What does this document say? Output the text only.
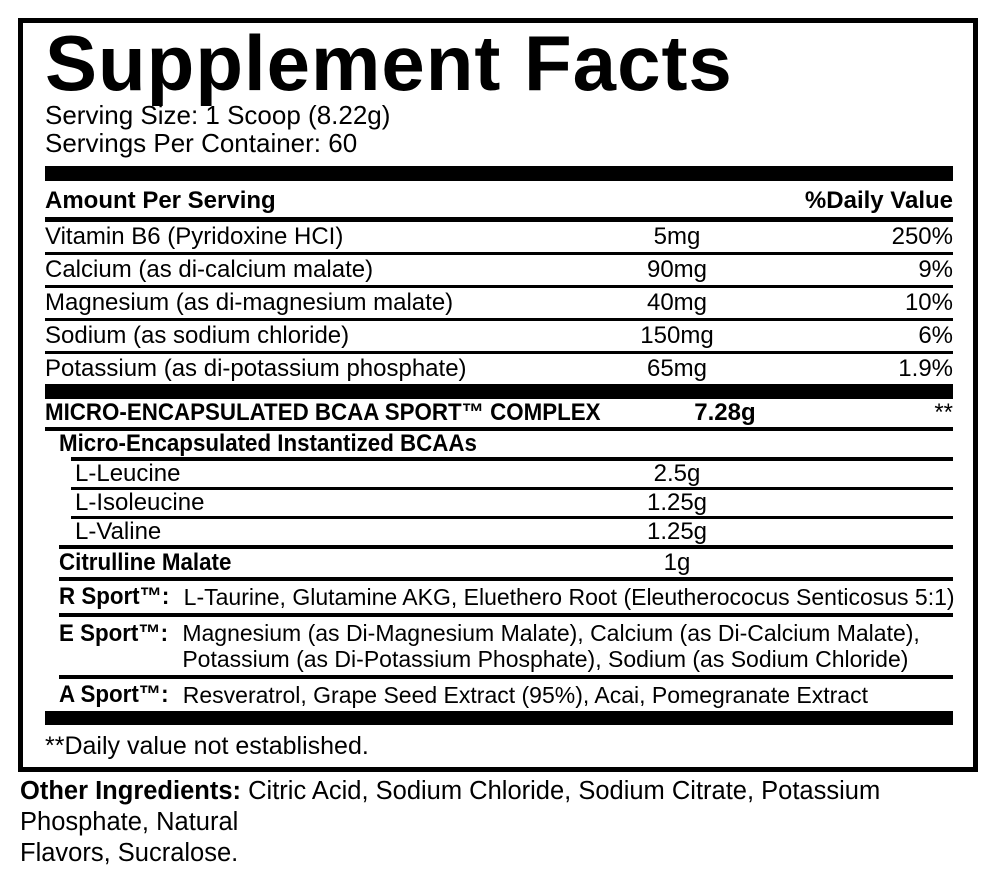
Supplement Facts
Serving Size: 1 Scoop (8.22g)
Servings Per Container: 60
Amount Per Serving	%Daily Value
Vitamin B6 (Pyridoxine HCI)	5mg	250%
Calcium (as di-calcium malate)	90mg	9%
Magnesium (as di-magnesium malate)	40mg	10%
Sodium (as sodium chloride)	150mg	6%
Potassium (as di-potassium phosphate)	65mg	1.9%
MICRO-ENCAPSULATED BCAA SPORT™ COMPLEX	7.28g	**
Micro-Encapsulated Instantized BCAAs
L-Leucine	2.5g
L-Isoleucine	1.25g
L-Valine	1.25g
Citrulline Malate	1g
R Sport™: L-Taurine, Glutamine AKG, Eluethero Root (Eleutherococus Senticosus 5:1)
E Sport™: Magnesium (as Di-Magnesium Malate), Calcium (as Di-Calcium Malate),
Potassium (as Di-Potassium Phosphate), Sodium (as Sodium Chloride)
A Sport™: Resveratrol, Grape Seed Extract (95%), Acai, Pomegranate Extract
**Daily value not established.
Other Ingredients: Citric Acid, Sodium Chloride, Sodium Citrate, Potassium Phosphate, Natural
Flavors, Sucralose.
